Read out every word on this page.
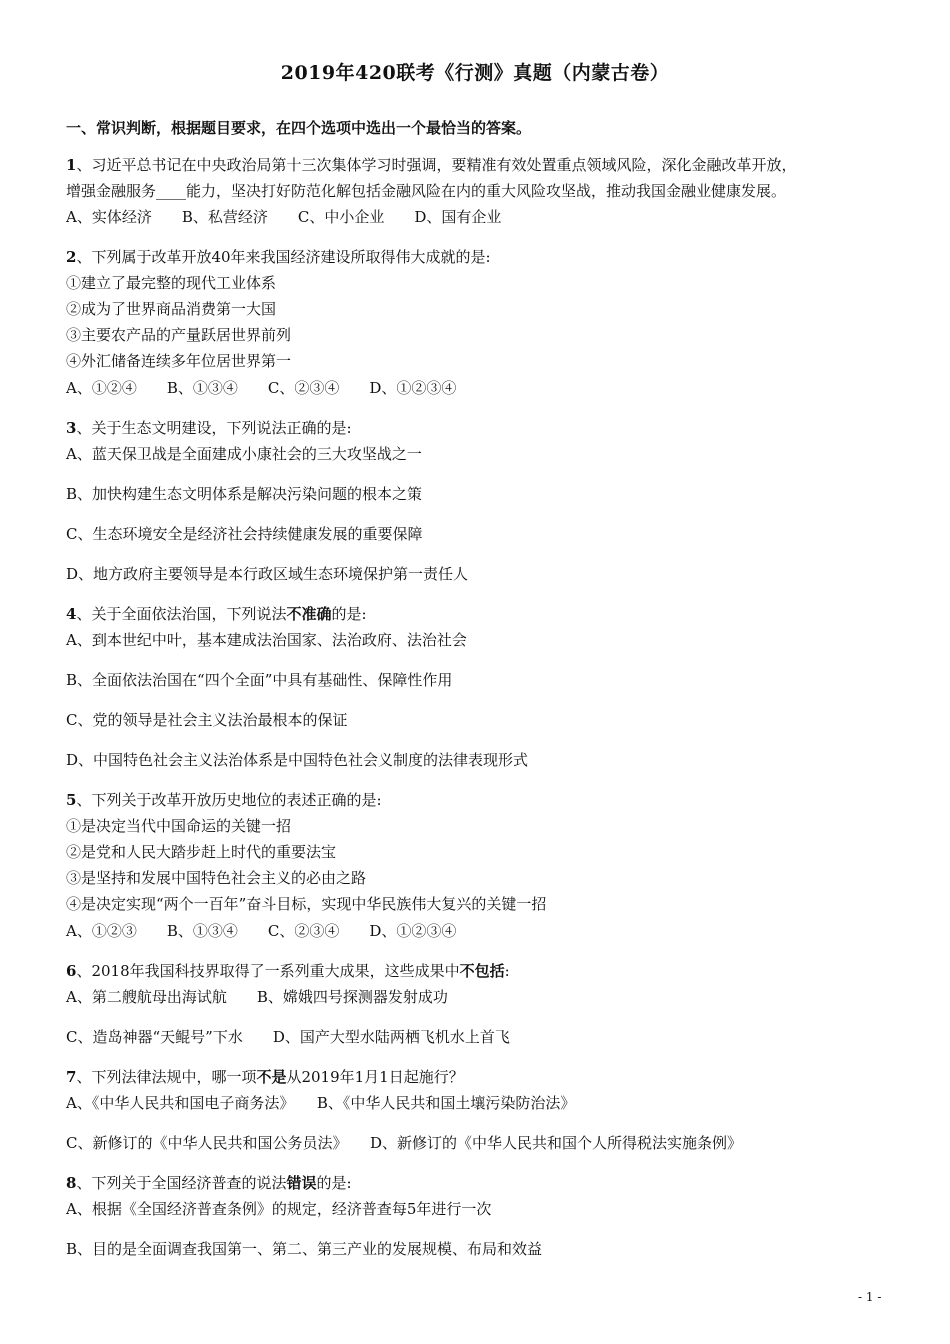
2019年420联考《行测》真题（内蒙古卷）
一、常识判断，根据题目要求，在四个选项中选出一个最恰当的答案。
1、习近平总书记在中央政治局第十三次集体学习时强调，要精准有效处置重点领域风险，深化金融改革开放，
增强金融服务____能力，坚决打好防范化解包括金融风险在内的重大风险攻坚战，推动我国金融业健康发展。
A、实体经济　　B、私营经济　　C、中小企业　　D、国有企业
2、下列属于改革开放40年来我国经济建设所取得伟大成就的是:
①建立了最完整的现代工业体系
②成为了世界商品消费第一大国
③主要农产品的产量跃居世界前列
④外汇储备连续多年位居世界第一
A、①②④　　B、①③④　　C、②③④　　D、①②③④
3、关于生态文明建设，下列说法正确的是:
A、蓝天保卫战是全面建成小康社会的三大攻坚战之一
B、加快构建生态文明体系是解决污染问题的根本之策
C、生态环境安全是经济社会持续健康发展的重要保障
D、地方政府主要领导是本行政区域生态环境保护第一责任人
4、关于全面依法治国，下列说法不准确的是:
A、到本世纪中叶，基本建成法治国家、法治政府、法治社会
B、全面依法治国在“四个全面”中具有基础性、保障性作用
C、党的领导是社会主义法治最根本的保证
D、中国特色社会主义法治体系是中国特色社会义制度的法律表现形式
5、下列关于改革开放历史地位的表述正确的是:
①是决定当代中国命运的关键一招
②是党和人民大踏步赶上时代的重要法宝
③是坚持和发展中国特色社会主义的必由之路
④是决定实现“两个一百年”奋斗目标，实现中华民族伟大复兴的关键一招
A、①②③　　B、①③④　　C、②③④　　D、①②③④
6、2018年我国科技界取得了一系列重大成果，这些成果中不包括:
A、第二艘航母出海试航　　B、嫦娥四号探测器发射成功
C、造岛神器“天鲲号”下水　　D、国产大型水陆两栖飞机水上首飞
7、下列法律法规中，哪一项不是从2019年1月1日起施行？
A、《中华人民共和国电子商务法》　　B、《中华人民共和国土壤污染防治法》
C、新修订的《中华人民共和国公务员法》　　D、新修订的《中华人民共和国个人所得税法实施条例》
8、下列关于全国经济普查的说法错误的是:
A、根据《全国经济普查条例》的规定，经济普查每5年进行一次
B、目的是全面调查我国第一、第二、第三产业的发展规模、布局和效益
- 1 -
